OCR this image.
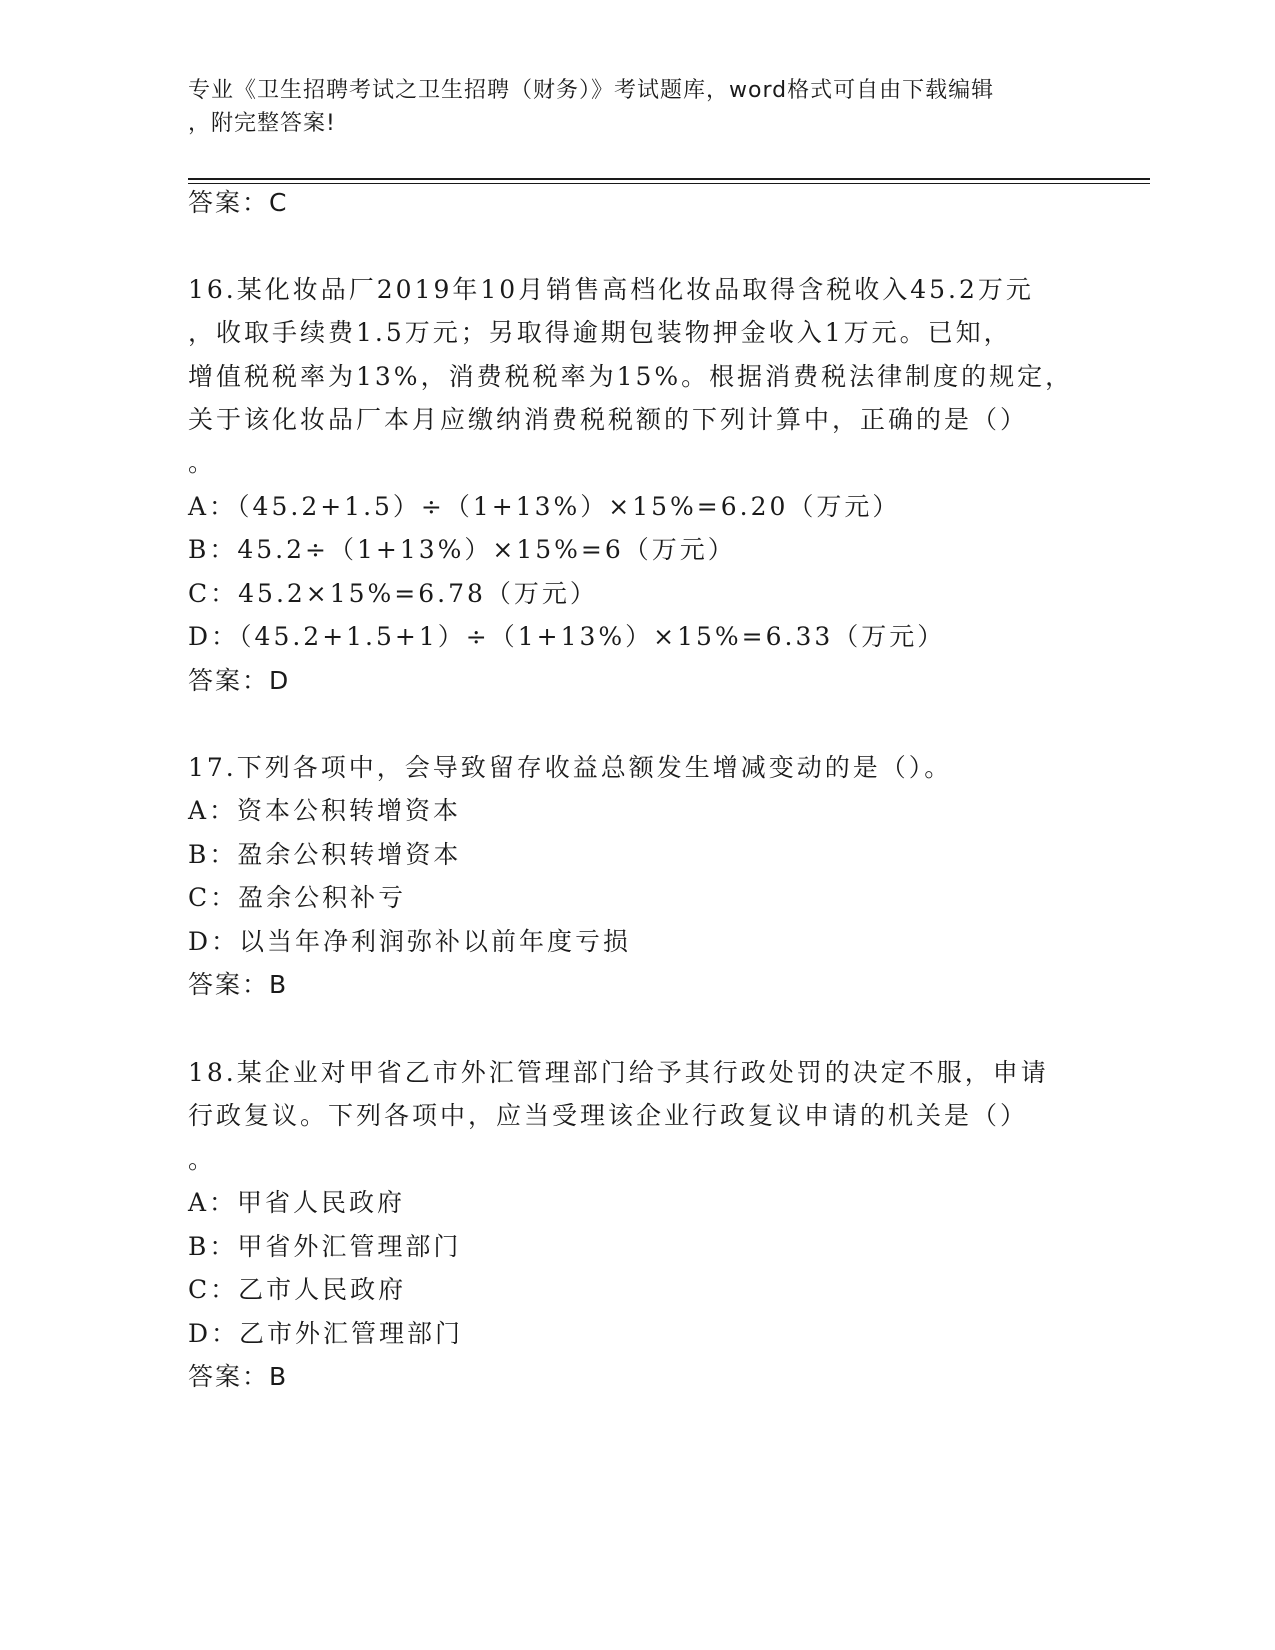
专业《卫生招聘考试之卫生招聘（财务）》考试题库，word格式可自由下载编辑
，附完整答案!
答案：C
16.某化妆品厂2019年10月销售高档化妆品取得含税收入45.2万元
，收取手续费1.5万元；另取得逾期包装物押金收入1万元。已知，
增值税税率为13%，消费税税率为15%。根据消费税法律制度的规定，
关于该化妆品厂本月应缴纳消费税税额的下列计算中，正确的是（）
。
A：（45.2+1.5）÷（1+13%）×15%=6.20（万元）
B：45.2÷（1+13%）×15%=6（万元）
C：45.2×15%=6.78（万元）
D：（45.2+1.5+1）÷（1+13%）×15%=6.33（万元）
答案：D
17.下列各项中，会导致留存收益总额发生增减变动的是（）。
A：资本公积转增资本
B：盈余公积转增资本
C：盈余公积补亏
D：以当年净利润弥补以前年度亏损
答案：B
18.某企业对甲省乙市外汇管理部门给予其行政处罚的决定不服，申请
行政复议。下列各项中，应当受理该企业行政复议申请的机关是（）
。
A：甲省人民政府
B：甲省外汇管理部门
C：乙市人民政府
D：乙市外汇管理部门
答案：B
